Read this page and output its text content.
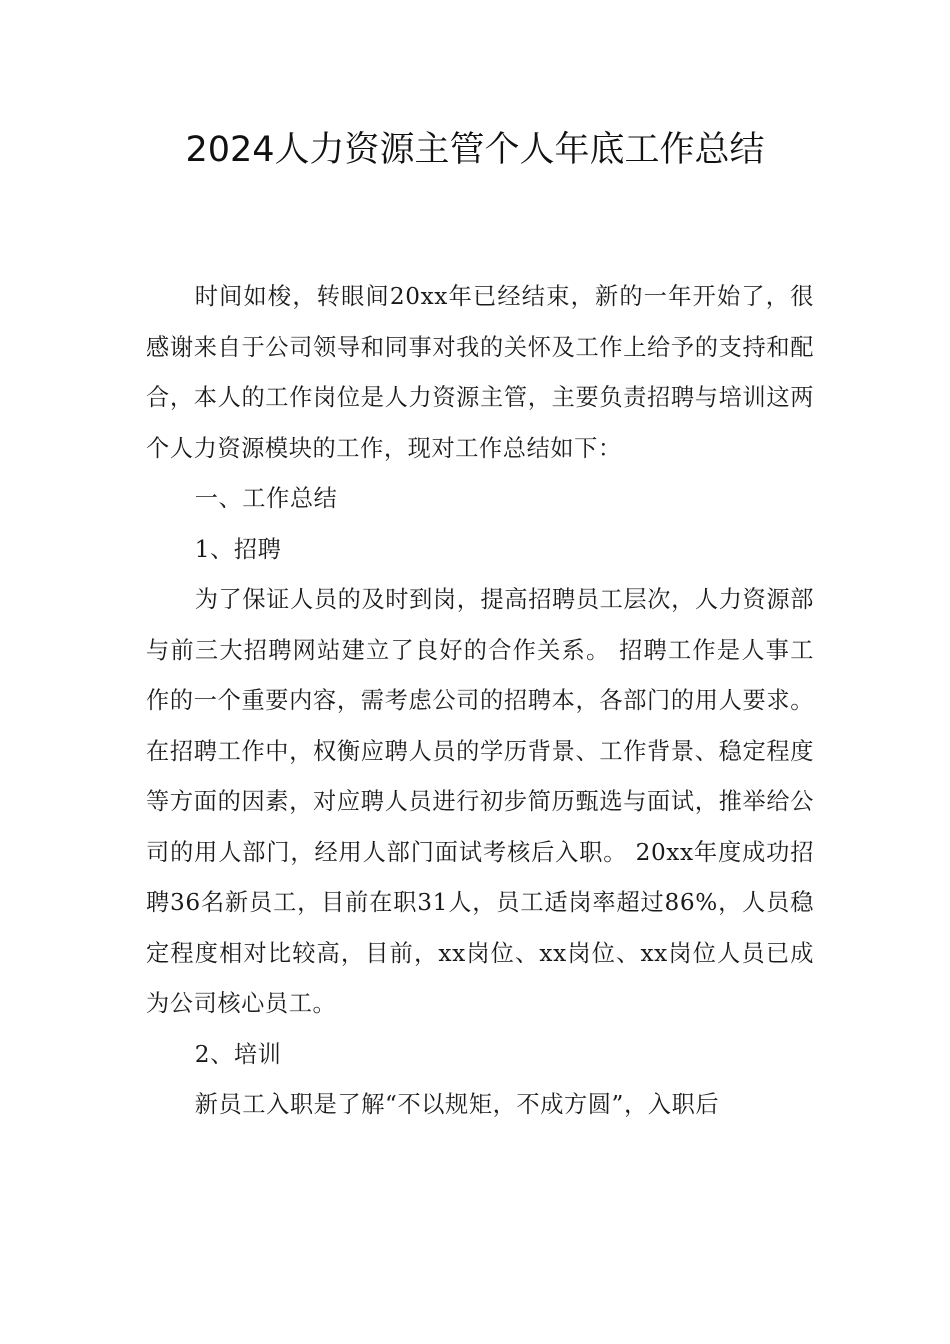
2024人力资源主管个人年底工作总结

时间如梭，转眼间20xx年已经结束，新的一年开始了，很感谢来自于公司领导和同事对我的关怀及工作上给予的支持和配合，本人的工作岗位是人力资源主管，主要负责招聘与培训这两个人力资源模块的工作，现对工作总结如下：

一、工作总结

1、招聘

为了保证人员的及时到岗，提高招聘员工层次，人力资源部与前三大招聘网站建立了良好的合作关系。 招聘工作是人事工作的一个重要内容，需考虑公司的招聘本，各部门的用人要求。在招聘工作中，权衡应聘人员的学历背景、工作背景、稳定程度等方面的因素，对应聘人员进行初步简历甄选与面试，推举给公司的用人部门，经用人部门面试考核后入职。 20xx年度成功招聘36名新员工，目前在职31人，员工适岗率超过86%，人员稳定程度相对比较高，目前，xx岗位、xx岗位、xx岗位人员已成为公司核心员工。

2、培训

新员工入职是了解“不以规矩，不成方圆”，入职后
